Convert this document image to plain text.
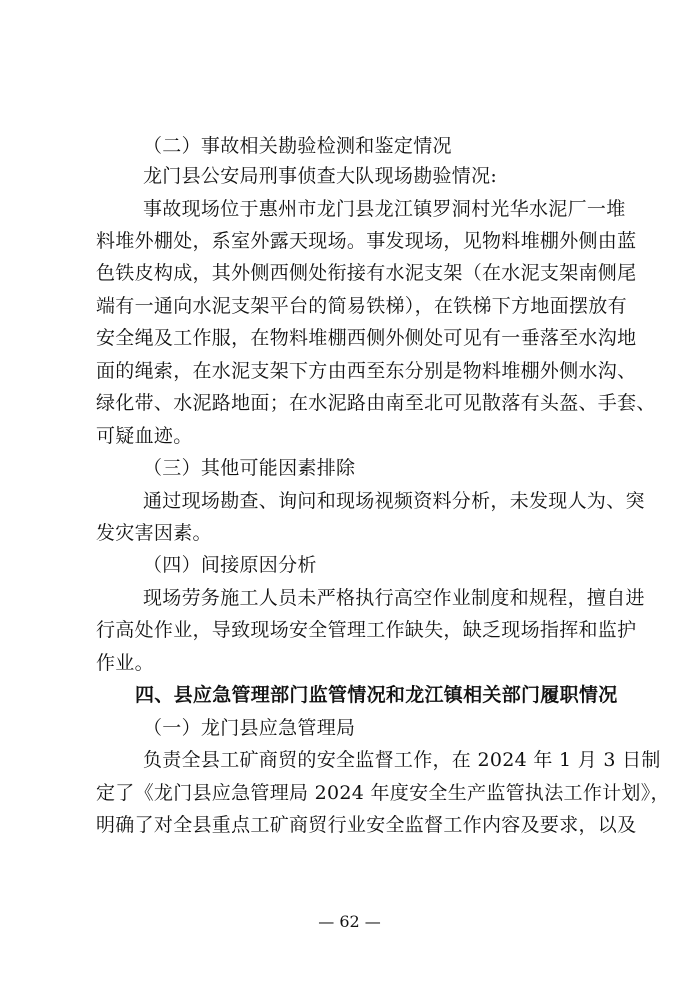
（二）事故相关勘验检测和鉴定情况
龙门县公安局刑事侦查大队现场勘验情况:
事故现场位于惠州市龙门县龙江镇罗洞村光华水泥厂一堆
料堆外棚处，系室外露天现场。事发现场，见物料堆棚外侧由蓝
色铁皮构成，其外侧西侧处衔接有水泥支架（在水泥支架南侧尾
端有一通向水泥支架平台的简易铁梯），在铁梯下方地面摆放有
安全绳及工作服，在物料堆棚西侧外侧处可见有一垂落至水沟地
面的绳索，在水泥支架下方由西至东分别是物料堆棚外侧水沟、
绿化带、水泥路地面；在水泥路由南至北可见散落有头盔、手套、
可疑血迹。
（三）其他可能因素排除
通过现场勘查、询问和现场视频资料分析，未发现人为、突
发灾害因素。
（四）间接原因分析
现场劳务施工人员未严格执行高空作业制度和规程，擅自进
行高处作业，导致现场安全管理工作缺失，缺乏现场指挥和监护
作业。
四、县应急管理部门监管情况和龙江镇相关部门履职情况
（一）龙门县应急管理局
负责全县工矿商贸的安全监督工作，在 2024 年 1 月 3 日制
定了《龙门县应急管理局 2024 年度安全生产监管执法工作计划》，
明确了对全县重点工矿商贸行业安全监督工作内容及要求，以及
— 62 —
